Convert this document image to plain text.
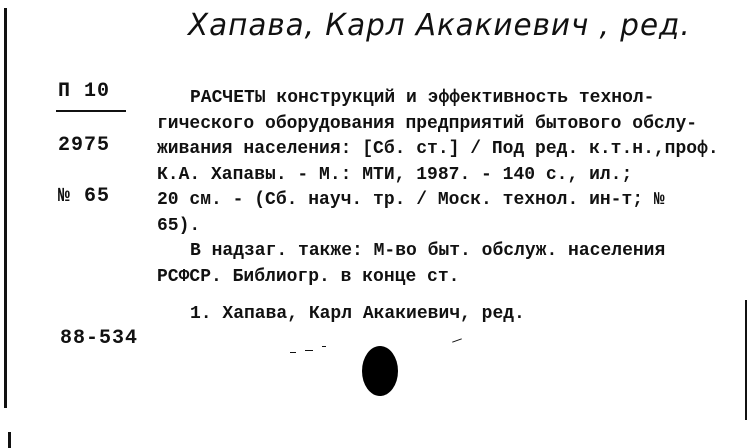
Хапава, Карл Акакиевич , ред.
П 10
2975
№ 65
РАСЧЕТЫ конструкций и эффективность технол-
гического оборудования предприятий бытового обслу-
живания населения: [Сб. ст.] / Под ред. к.т.н.,проф.
К.А. Хапавы. - М.: МТИ, 1987. - 140 с., ил.;
20 см. - (Сб. науч. тр. / Моск. технол. ин-т; №
65).
В надзаг. также: М-во быт. обслуж. населения
РСФСР. Библиогр. в конце ст.
1. Хапава, Карл Акакиевич, ред.
88-534
